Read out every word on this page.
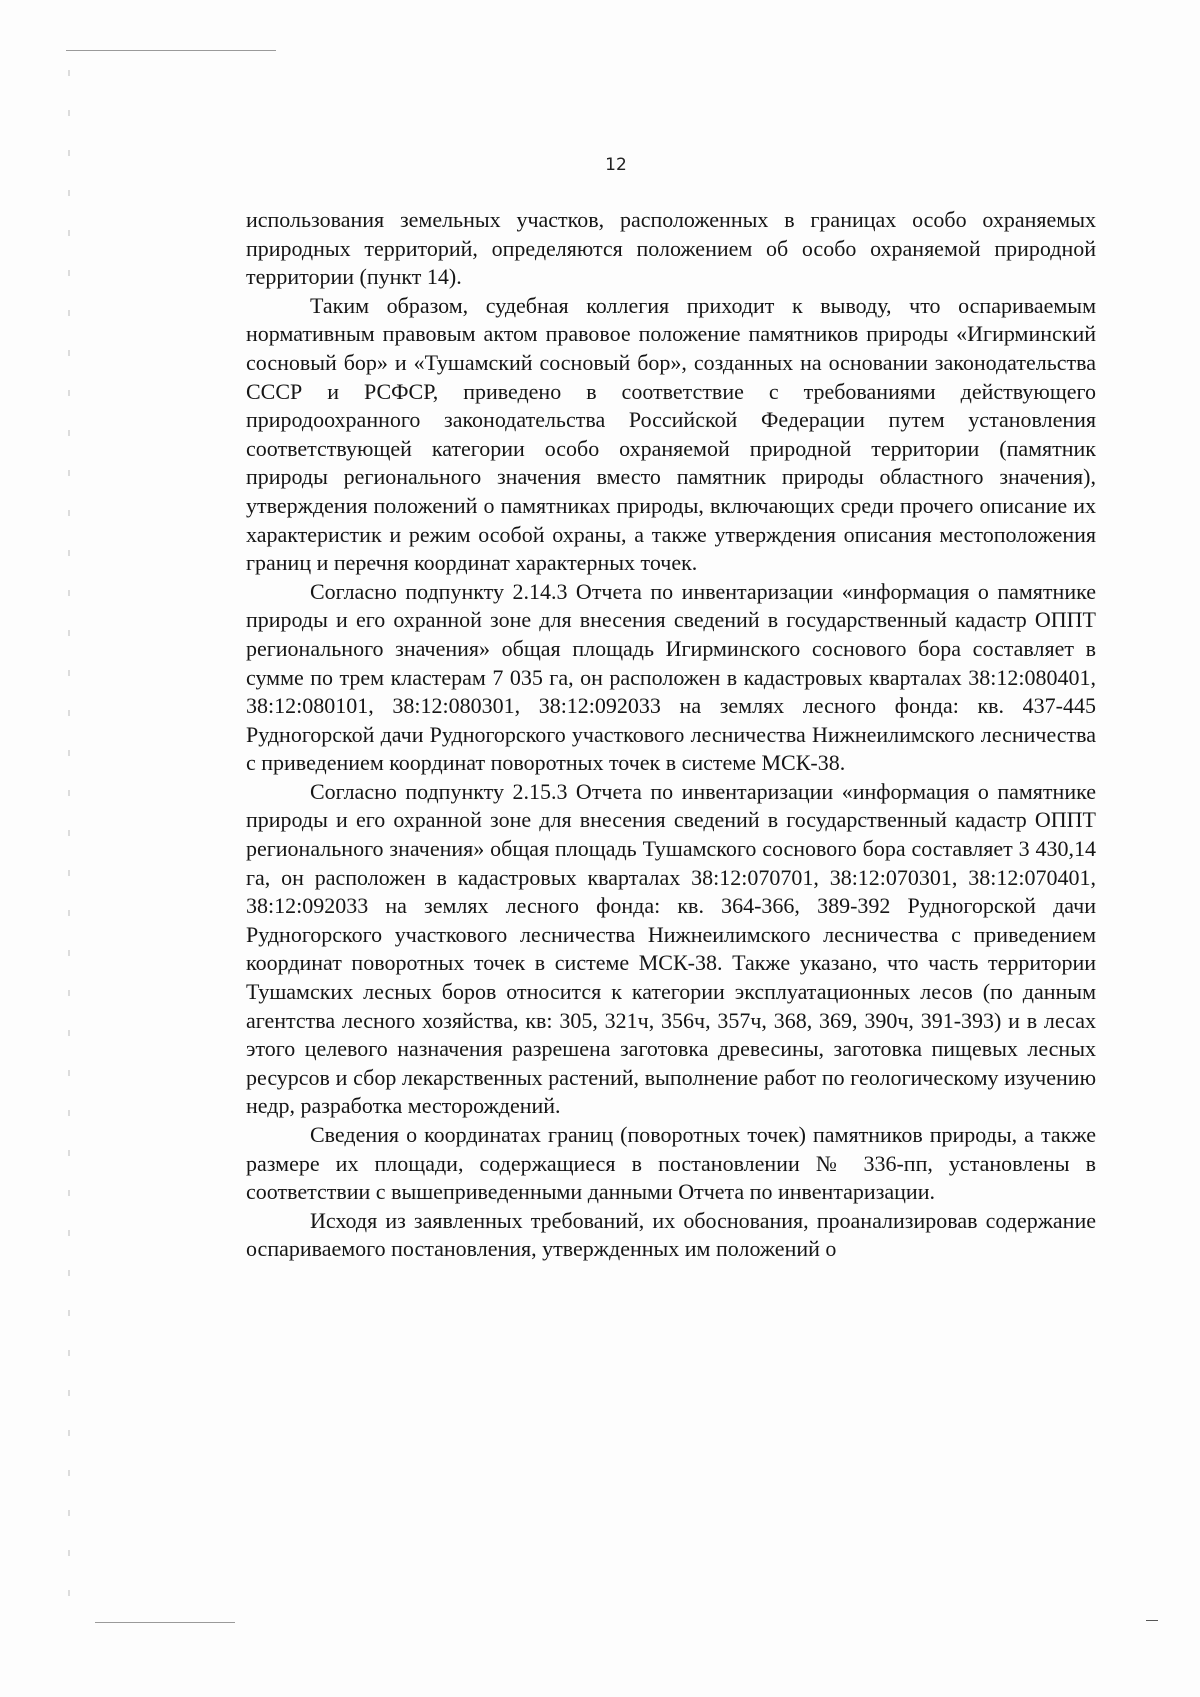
12

использования земельных участков, расположенных в границах особо охраняемых природных территорий, определяются положением об особо охраняемой природной территории (пункт 14).

Таким образом, судебная коллегия приходит к выводу, что оспариваемым нормативным правовым актом правовое положение памятников природы «Игирминский сосновый бор» и «Тушамский сосновый бор», созданных на основании законодательства СССР и РСФСР, приведено в соответствие с требованиями действующего природоохранного законодательства Российской Федерации путем установления соответствующей категории особо охраняемой природной территории (памятник природы регионального значения вместо памятник природы областного значения), утверждения положений о памятниках природы, включающих среди прочего описание их характеристик и режим особой охраны, а также утверждения описания местоположения границ и перечня координат характерных точек.

Согласно подпункту 2.14.3 Отчета по инвентаризации «информация о памятнике природы и его охранной зоне для внесения сведений в государственный кадастр ОППТ регионального значения» общая площадь Игирминского соснового бора составляет в сумме по трем кластерам 7 035 га, он расположен в кадастровых кварталах 38:12:080401, 38:12:080101, 38:12:080301, 38:12:092033 на землях лесного фонда: кв. 437-445 Рудногорской дачи Рудногорского участкового лесничества Нижнеилимского лесничества с приведением координат поворотных точек в системе МСК-38.

Согласно подпункту 2.15.3 Отчета по инвентаризации «информация о памятнике природы и его охранной зоне для внесения сведений в государственный кадастр ОППТ регионального значения» общая площадь Тушамского соснового бора составляет 3 430,14 га, он расположен в кадастровых кварталах 38:12:070701, 38:12:070301, 38:12:070401, 38:12:092033 на землях лесного фонда: кв. 364-366, 389-392 Рудногорской дачи Рудногорского участкового лесничества Нижнеилимского лесничества с приведением координат поворотных точек в системе МСК-38. Также указано, что часть территории Тушамских лесных боров относится к категории эксплуатационных лесов (по данным агентства лесного хозяйства, кв: 305, 321ч, 356ч, 357ч, 368, 369, 390ч, 391-393) и в лесах этого целевого назначения разрешена заготовка древесины, заготовка пищевых лесных ресурсов и сбор лекарственных растений, выполнение работ по геологическому изучению недр, разработка месторождений.

Сведения о координатах границ (поворотных точек) памятников природы, а также размере их площади, содержащиеся в постановлении № 336-пп, установлены в соответствии с вышеприведенными данными Отчета по инвентаризации.

Исходя из заявленных требований, их обоснования, проанализировав содержание оспариваемого постановления, утвержденных им положений о
